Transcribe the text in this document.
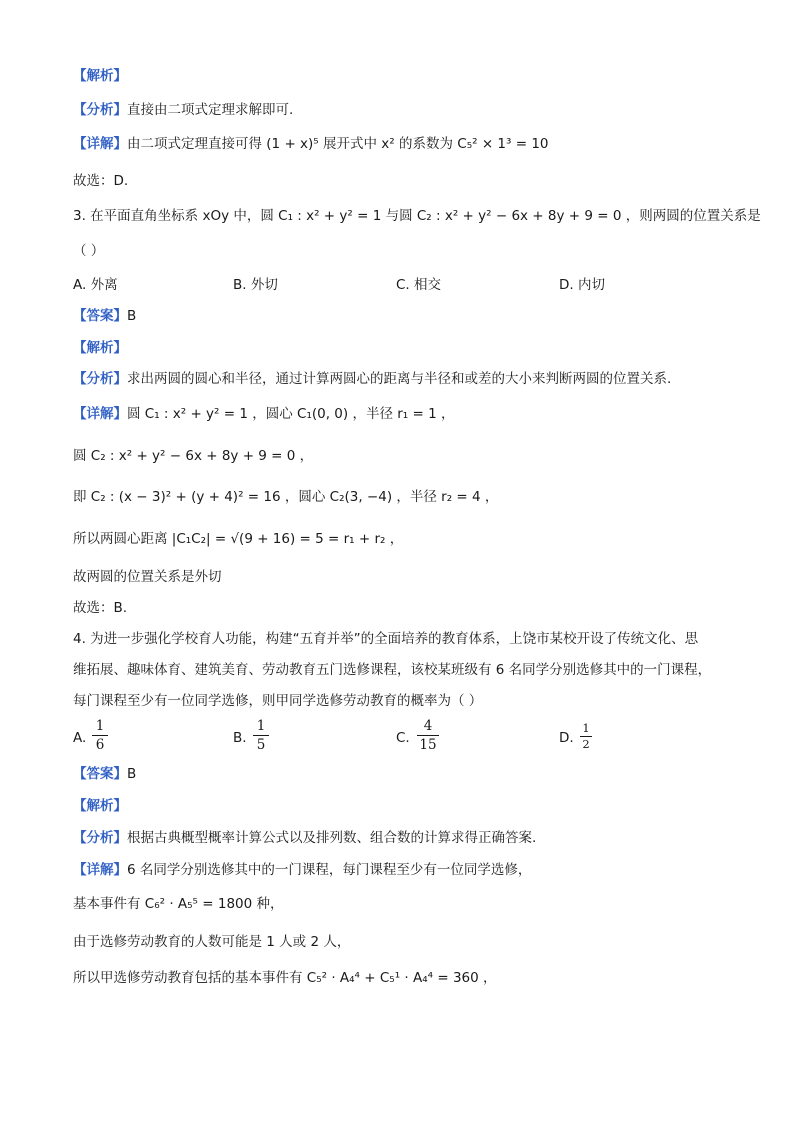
【解析】
【分析】直接由二项式定理求解即可.
【详解】由二项式定理直接可得 (1 + x)⁵ 展开式中 x² 的系数为 C₅² × 1³ = 10
故选：D.
3. 在平面直角坐标系 xOy 中，圆 C₁ : x² + y² = 1 与圆 C₂ : x² + y² − 6x + 8y + 9 = 0 ，则两圆的位置关系是
（ ）
A. 外离	B. 外切	C. 相交	D. 内切
【答案】B
【解析】
【分析】求出两圆的圆心和半径，通过计算两圆心的距离与半径和或差的大小来判断两圆的位置关系.
【详解】圆 C₁ : x² + y² = 1 ，圆心 C₁(0, 0) ，半径 r₁ = 1 ，
圆 C₂ : x² + y² − 6x + 8y + 9 = 0 ，
即 C₂ : (x − 3)² + (y + 4)² = 16 ，圆心 C₂(3, −4) ，半径 r₂ = 4 ，
所以两圆心距离 |C₁C₂| = √(9 + 16) = 5 = r₁ + r₂ ，
故两圆的位置关系是外切
故选：B.
4. 为进一步强化学校育人功能，构建“五育并举”的全面培养的教育体系，上饶市某校开设了传统文化、思
维拓展、趣味体育、建筑美育、劳动教育五门选修课程，该校某班级有 6 名同学分别选修其中的一门课程，
每门课程至少有一位同学选修，则甲同学选修劳动教育的概率为（ ）
A.
1
6	B.
1
5	C.
4
15	D.
1
2
【答案】B
【解析】
【分析】根据古典概型概率计算公式以及排列数、组合数的计算求得正确答案.
【详解】6 名同学分别选修其中的一门课程，每门课程至少有一位同学选修，
基本事件有 C₆² · A₅⁵ = 1800 种，
由于选修劳动教育的人数可能是 1 人或 2 人，
所以甲选修劳动教育包括的基本事件有 C₅² · A₄⁴ + C₅¹ · A₄⁴ = 360 ，
